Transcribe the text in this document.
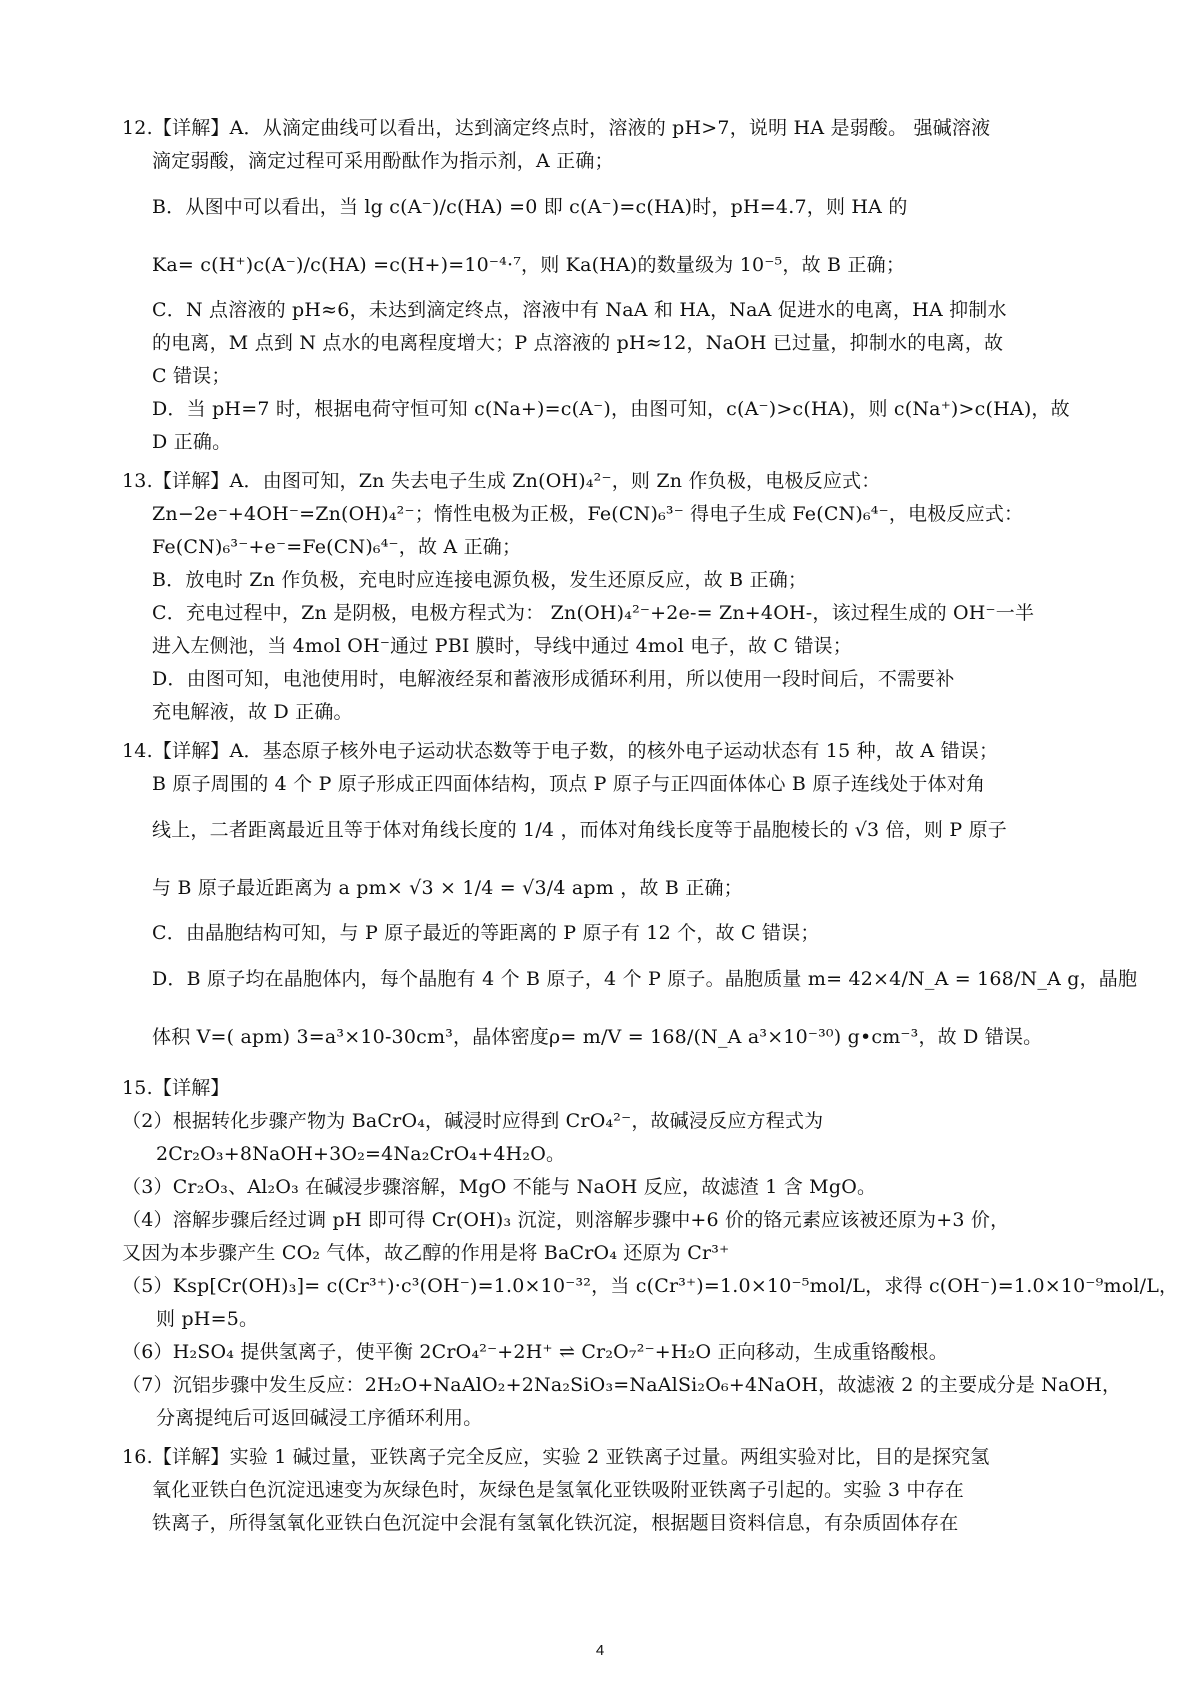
12.【详解】A．从滴定曲线可以看出，达到滴定终点时，溶液的 pH>7，说明 HA 是弱酸。 强碱溶液
滴定弱酸，滴定过程可采用酚酞作为指示剂，A 正确；
B．从图中可以看出，当 lg c(A⁻)/c(HA) =0 即 c(A⁻)=c(HA)时，pH=4.7，则 HA 的
Ka= c(H⁺)c(A⁻)/c(HA) =c(H+)=10⁻⁴·⁷，则 Ka(HA)的数量级为 10⁻⁵，故 B 正确；
C．N 点溶液的 pH≈6，未达到滴定终点，溶液中有 NaA 和 HA，NaA 促进水的电离，HA 抑制水
的电离，M 点到 N 点水的电离程度增大；P 点溶液的 pH≈12，NaOH 已过量，抑制水的电离，故
C 错误；
D．当 pH=7 时，根据电荷守恒可知 c(Na+)=c(A⁻)，由图可知，c(A⁻)>c(HA)，则 c(Na⁺)>c(HA)，故
D 正确。
13.【详解】A．由图可知，Zn 失去电子生成 Zn(OH)₄²⁻，则 Zn 作负极，电极反应式：
Zn−2e⁻+4OH⁻=Zn(OH)₄²⁻；惰性电极为正极，Fe(CN)₆³⁻ 得电子生成 Fe(CN)₆⁴⁻，电极反应式：
Fe(CN)₆³⁻+e⁻=Fe(CN)₆⁴⁻，故 A 正确；
B．放电时 Zn 作负极，充电时应连接电源负极，发生还原反应，故 B 正确；
C．充电过程中，Zn 是阴极，电极方程式为： Zn(OH)₄²⁻+2e-= Zn+4OH-，该过程生成的 OH⁻一半
进入左侧池，当 4mol OH⁻通过 PBI 膜时，导线中通过 4mol 电子，故 C 错误；
D．由图可知，电池使用时，电解液经泵和蓄液形成循环利用，所以使用一段时间后，不需要补
充电解液，故 D 正确。
14.【详解】A．基态原子核外电子运动状态数等于电子数，的核外电子运动状态有 15 种，故 A 错误；
B 原子周围的 4 个 P 原子形成正四面体结构，顶点 P 原子与正四面体体心 B 原子连线处于体对角
线上，二者距离最近且等于体对角线长度的 1/4 ，而体对角线长度等于晶胞棱长的 √3 倍，则 P 原子
与 B 原子最近距离为 a pm× √3 × 1/4 = √3/4 apm ，故 B 正确；
C．由晶胞结构可知，与 P 原子最近的等距离的 P 原子有 12 个，故 C 错误；
D．B 原子均在晶胞体内，每个晶胞有 4 个 B 原子，4 个 P 原子。晶胞质量 m= 42×4/N_A = 168/N_A g，晶胞
体积 V=( apm) 3=a³×10-30cm³，晶体密度ρ= m/V = 168/(N_A a³×10⁻³⁰) g•cm⁻³，故 D 错误。
15.【详解】
（2）根据转化步骤产物为 BaCrO₄，碱浸时应得到 CrO₄²⁻，故碱浸反应方程式为
2Cr₂O₃+8NaOH+3O₂=4Na₂CrO₄+4H₂O。
（3）Cr₂O₃、Al₂O₃ 在碱浸步骤溶解，MgO 不能与 NaOH 反应，故滤渣 1 含 MgO。
（4）溶解步骤后经过调 pH 即可得 Cr(OH)₃ 沉淀，则溶解步骤中+6 价的铬元素应该被还原为+3 价，
又因为本步骤产生 CO₂ 气体，故乙醇的作用是将 BaCrO₄ 还原为 Cr³⁺
（5）Ksp[Cr(OH)₃]= c(Cr³⁺)·c³(OH⁻)=1.0×10⁻³²，当 c(Cr³⁺)=1.0×10⁻⁵mol/L，求得 c(OH⁻)=1.0×10⁻⁹mol/L，
则 pH=5。
（6）H₂SO₄ 提供氢离子，使平衡 2CrO₄²⁻+2H⁺ ⇌ Cr₂O₇²⁻+H₂O 正向移动，生成重铬酸根。
（7）沉铝步骤中发生反应：2H₂O+NaAlO₂+2Na₂SiO₃=NaAlSi₂O₆+4NaOH，故滤液 2 的主要成分是 NaOH，
分离提纯后可返回碱浸工序循环利用。
16.【详解】实验 1 碱过量，亚铁离子完全反应，实验 2 亚铁离子过量。两组实验对比，目的是探究氢
氧化亚铁白色沉淀迅速变为灰绿色时，灰绿色是氢氧化亚铁吸附亚铁离子引起的。实验 3 中存在
铁离子，所得氢氧化亚铁白色沉淀中会混有氢氧化铁沉淀，根据题目资料信息，有杂质固体存在
4
